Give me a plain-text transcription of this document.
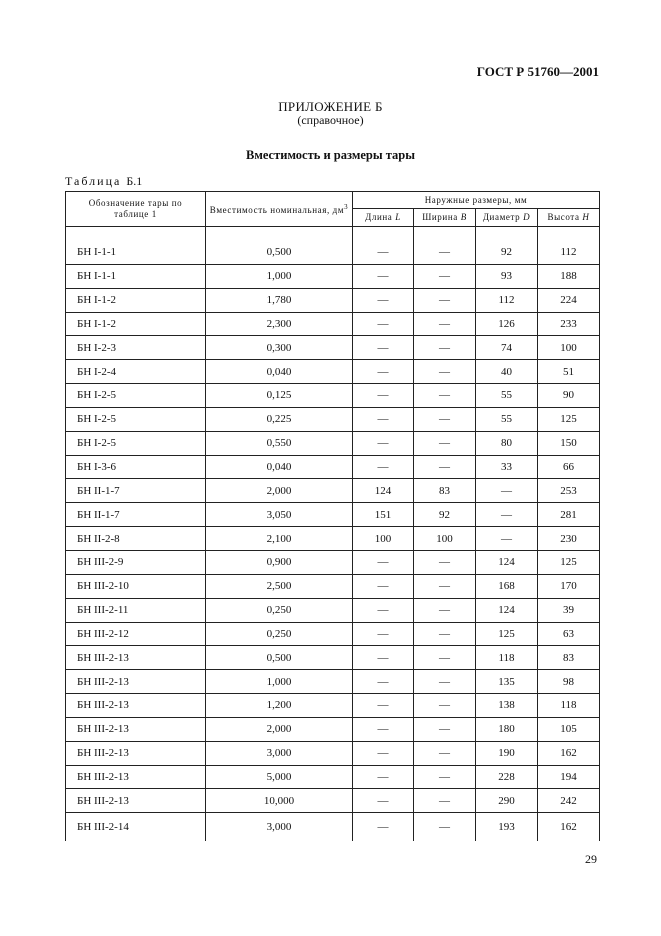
ГОСТ Р 51760—2001
ПРИЛОЖЕНИЕ Б
(справочное)
Вместимость и размеры тары
Таблица Б.1
Обозначение тары по таблице 1	Вместимость номинальная, $дм^3$	Наружные размеры, мм			
		Длина L	Ширина B	Диаметр D	Высота H

БН I-1-1	0,500	—	—	92	112
БН I-1-1	1,000	—	—	93	188
БН I-1-2	1,780	—	—	112	224
БН I-1-2	2,300	—	—	126	233
БН I-2-3	0,300	—	—	74	100
БН I-2-4	0,040	—	—	40	51
БН I-2-5	0,125	—	—	55	90
БН I-2-5	0,225	—	—	55	125
БН I-2-5	0,550	—	—	80	150
БН I-3-6	0,040	—	—	33	66
БН II-1-7	2,000	124	83	—	253
БН II-1-7	3,050	151	92	—	281
БН II-2-8	2,100	100	100	—	230
БН III-2-9	0,900	—	—	124	125
БН III-2-10	2,500	—	—	168	170
БН III-2-11	0,250	—	—	124	39
БН III-2-12	0,250	—	—	125	63
БН III-2-13	0,500	—	—	118	83
БН III-2-13	1,000	—	—	135	98
БН III-2-13	1,200	—	—	138	118
БН III-2-13	2,000	—	—	180	105
БН III-2-13	3,000	—	—	190	162
БН III-2-13	5,000	—	—	228	194
БН III-2-13	10,000	—	—	290	242
БН III-2-14	3,000	—	—	193	162
29
